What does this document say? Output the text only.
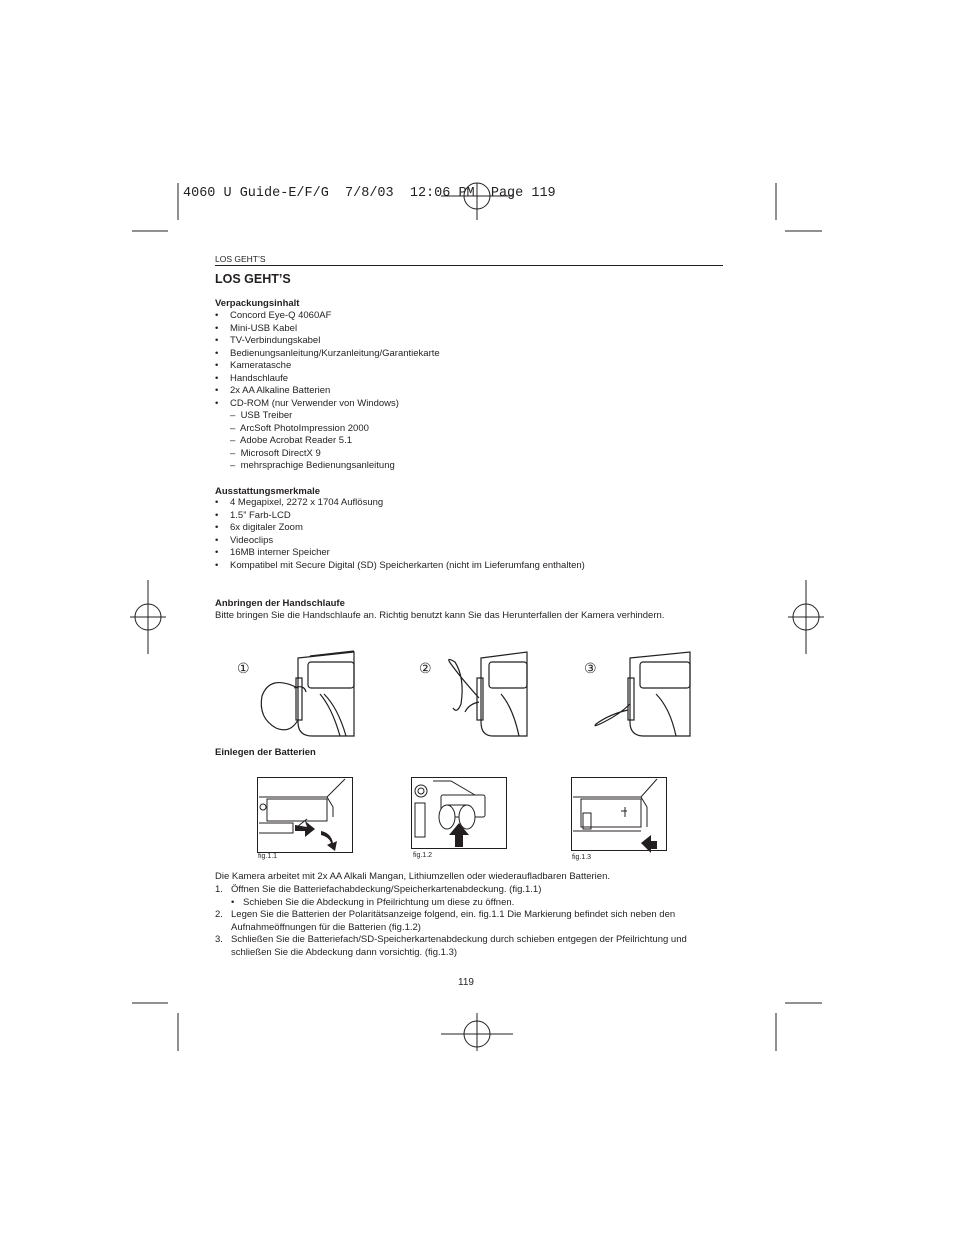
4060 U Guide-E/F/G  7/8/03  12:06 PM  Page 119
LOS GEHT’S
LOS GEHT’S
Verpackungsinhalt
• Concord Eye-Q 4060AF
• Mini-USB Kabel
• TV-Verbindungskabel
• Bedienungsanleitung/Kurzanleitung/Garantiekarte
• Kameratasche
• Handschlaufe
• 2x AA Alkaline Batterien
• CD-ROM (nur Verwender von Windows)
–  USB Treiber
–  ArcSoft PhotoImpression 2000
–  Adobe Acrobat Reader 5.1
–  Microsoft DirectX 9
–  mehrsprachige Bedienungsanleitung
Ausstattungsmerkmale
• 4 Megapixel, 2272 x 1704 Auflösung
• 1.5” Farb-LCD
• 6x digitaler Zoom
• Videoclips
• 16MB interner Speicher
• Kompatibel mit Secure Digital (SD) Speicherkarten (nicht im Lieferumfang enthalten)
Anbringen der Handschlaufe
Bitte bringen Sie die Handschlaufe an. Richtig benutzt kann Sie das Herunterfallen der Kamera verhindern.
①	②	③
Einlegen der Batterien
fig.1.1	fig.1.2	fig.1.3
Die Kamera arbeitet mit 2x AA Alkali Mangan, Lithiumzellen oder wiederaufladbaren Batterien.
1. Öffnen Sie die Batteriefachabdeckung/Speicherkartenabdeckung. (fig.1.1)
• Schieben Sie die Abdeckung in Pfeilrichtung um diese zu öffnen.
2. Legen Sie die Batterien der Polaritätsanzeige folgend, ein. fig.1.1 Die Markierung befindet sich neben den Aufnahmeöffnungen für die Batterien (fig.1.2)
3. Schließen Sie die Batteriefach/SD-Speicherkartenabdeckung durch schieben entgegen der Pfeilrichtung und schließen Sie die Abdeckung dann vorsichtig. (fig.1.3)
119
